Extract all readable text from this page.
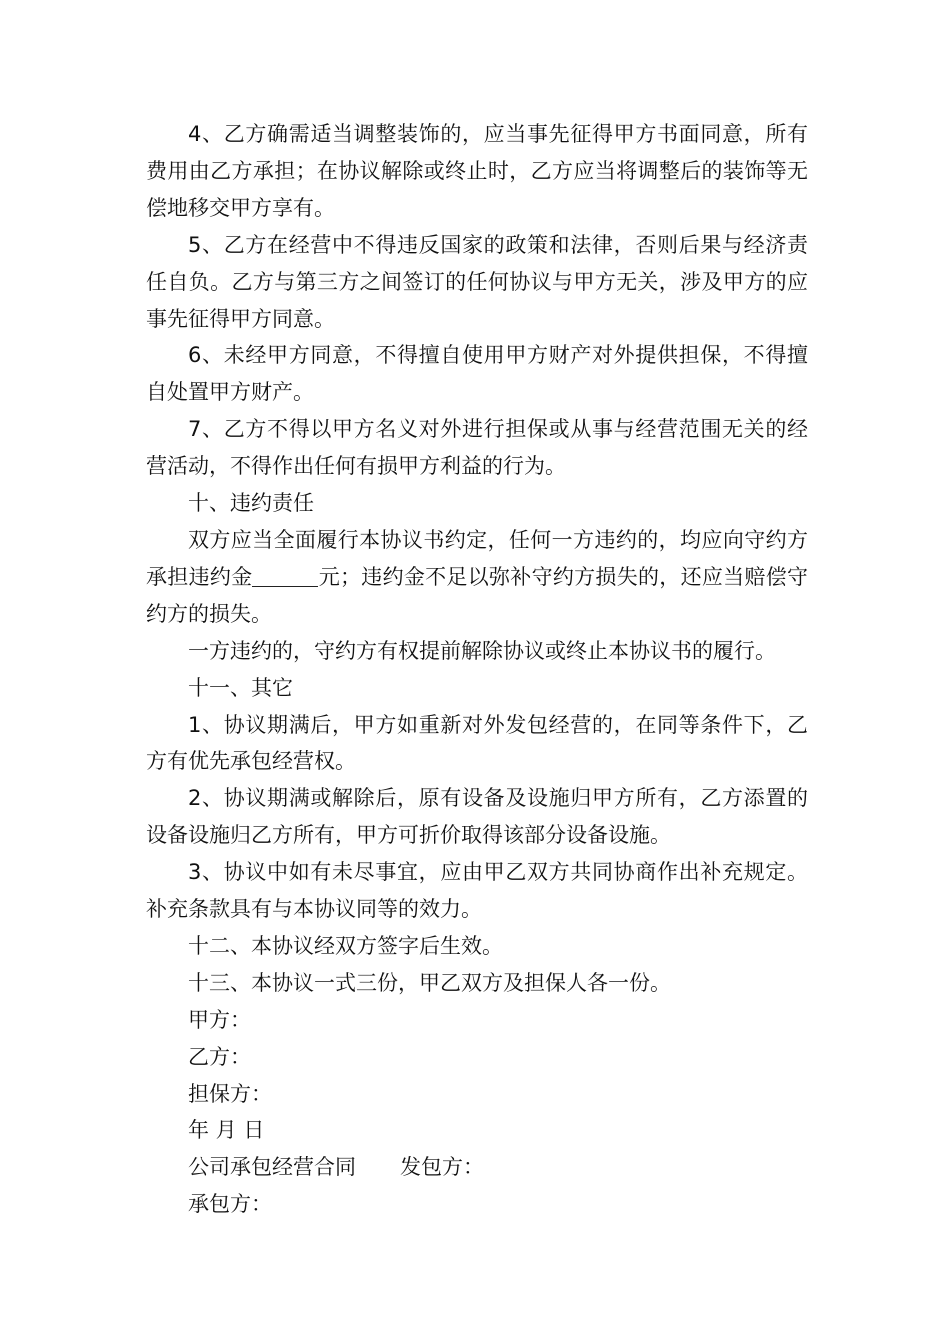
4、乙方确需适当调整装饰的，应当事先征得甲方书面同意，所有费用由乙方承担；在协议解除或终止时，乙方应当将调整后的装饰等无偿地移交甲方享有。

5、乙方在经营中不得违反国家的政策和法律，否则后果与经济责任自负。乙方与第三方之间签订的任何协议与甲方无关，涉及甲方的应事先征得甲方同意。

6、未经甲方同意，不得擅自使用甲方财产对外提供担保，不得擅自处置甲方财产。

7、乙方不得以甲方名义对外进行担保或从事与经营范围无关的经营活动，不得作出任何有损甲方利益的行为。

十、违约责任

双方应当全面履行本协议书约定，任何一方违约的，均应向守约方承担违约金	元；违约金不足以弥补守约方损失的，还应当赔偿守约方的损失。

一方违约的，守约方有权提前解除协议或终止本协议书的履行。

十一、其它

1、协议期满后，甲方如重新对外发包经营的，在同等条件下，乙方有优先承包经营权。

2、协议期满或解除后，原有设备及设施归甲方所有，乙方添置的设备设施归乙方所有，甲方可折价取得该部分设备设施。

3、协议中如有未尽事宜，应由甲乙双方共同协商作出补充规定。补充条款具有与本协议同等的效力。

十二、本协议经双方签字后生效。

十三、本协议一式三份，甲乙双方及担保人各一份。

甲方：

乙方：

担保方：

年 月 日

公司承包经营合同 发包方：

承包方：
